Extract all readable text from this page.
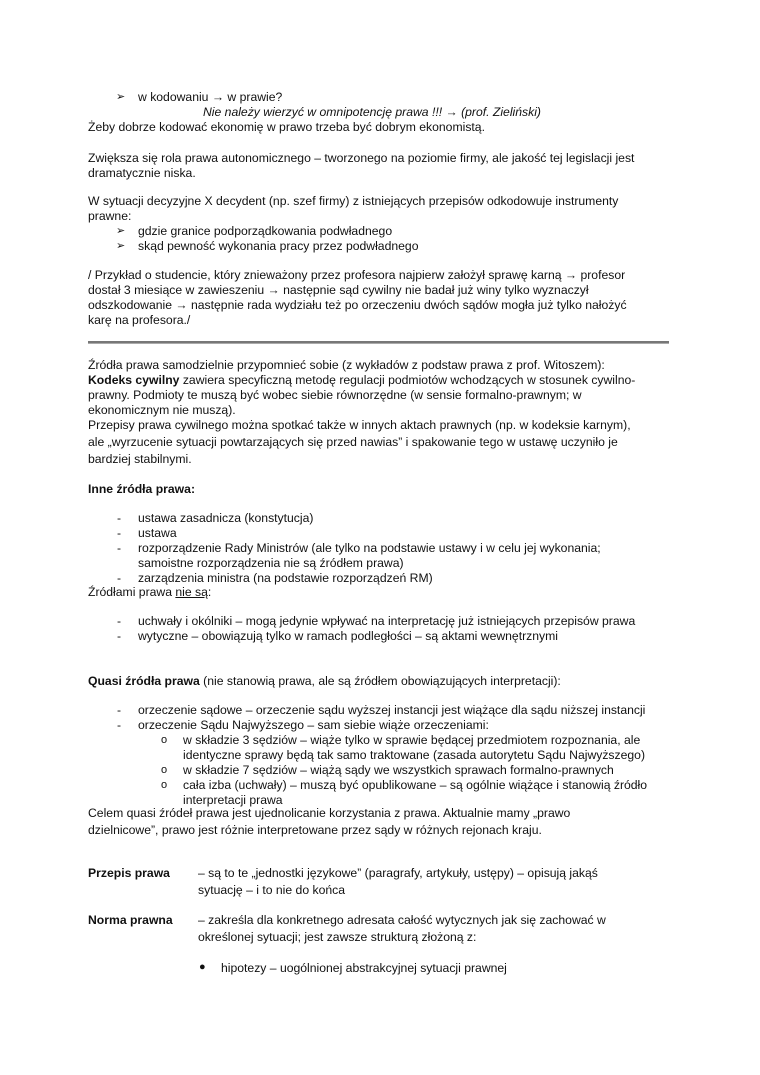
➢ w kodowaniu → w prawie?
Nie należy wierzyć w omnipotencję prawa !!! → (prof. Zieliński)
Żeby dobrze kodować ekonomię w prawo trzeba być dobrym ekonomistą.
Zwiększa się rola prawa autonomicznego – tworzonego na poziomie firmy, ale jakość tej legislacji jest
dramatycznie niska.
W sytuacji decyzyjne X decydent (np. szef firmy) z istniejących przepisów odkodowuje instrumenty
prawne:
➢ gdzie granice podporządkowania podwładnego
➢ skąd pewność wykonania pracy przez podwładnego
/ Przykład o studencie, który znieważony przez profesora najpierw założył sprawę karną → profesor
dostał 3 miesiące w zawieszeniu → następnie sąd cywilny nie badał już winy tylko wyznaczył
odszkodowanie → następnie rada wydziału też po orzeczeniu dwóch sądów mogła już tylko nałożyć
karę na profesora./
Źródła prawa samodzielnie przypomnieć sobie (z wykładów z podstaw prawa z prof. Witoszem):
Kodeks cywilny zawiera specyficzną metodę regulacji podmiotów wchodzących w stosunek cywilno-
prawny. Podmioty te muszą być wobec siebie równorzędne (w sensie formalno-prawnym; w
ekonomicznym nie muszą).
Przepisy prawa cywilnego można spotkać także w innych aktach prawnych (np. w kodeksie karnym),
ale „wyrzucenie sytuacji powtarzających się przed nawias” i spakowanie tego w ustawę uczyniło je
bardziej stabilnymi.
Inne źródła prawa:
- ustawa zasadnicza (konstytucja)
- ustawa
- rozporządzenie Rady Ministrów (ale tylko na podstawie ustawy i w celu jej wykonania;
samoistne rozporządzenia nie są źródłem prawa)
- zarządzenia ministra (na podstawie rozporządzeń RM)
Źródłami prawa nie są:
- uchwały i okólniki – mogą jedynie wpływać na interpretację już istniejących przepisów prawa
- wytyczne – obowiązują tylko w ramach podległości – są aktami wewnętrznymi
Quasi źródła prawa (nie stanowią prawa, ale są źródłem obowiązujących interpretacji):
- orzeczenie sądowe – orzeczenie sądu wyższej instancji jest wiążące dla sądu niższej instancji
- orzeczenie Sądu Najwyższego – sam siebie wiąże orzeczeniami:
o w składzie 3 sędziów – wiąże tylko w sprawie będącej przedmiotem rozpoznania, ale
identyczne sprawy będą tak samo traktowane (zasada autorytetu Sądu Najwyższego)
o w składzie 7 sędziów – wiążą sądy we wszystkich sprawach formalno-prawnych
o cała izba (uchwały) – muszą być opublikowane – są ogólnie wiążące i stanowią źródło
interpretacji prawa
Celem quasi źródeł prawa jest ujednolicanie korzystania z prawa. Aktualnie mamy „prawo
dzielnicowe”, prawo jest różnie interpretowane przez sądy w różnych rejonach kraju.
Przepis prawa – są to te „jednostki językowe” (paragrafy, artykuły, ustępy) – opisują jakąś
sytuację – i to nie do końca
Norma prawna – zakreśla dla konkretnego adresata całość wytycznych jak się zachować w
określonej sytuacji; jest zawsze strukturą złożoną z:
● hipotezy – uogólnionej abstrakcyjnej sytuacji prawnej
